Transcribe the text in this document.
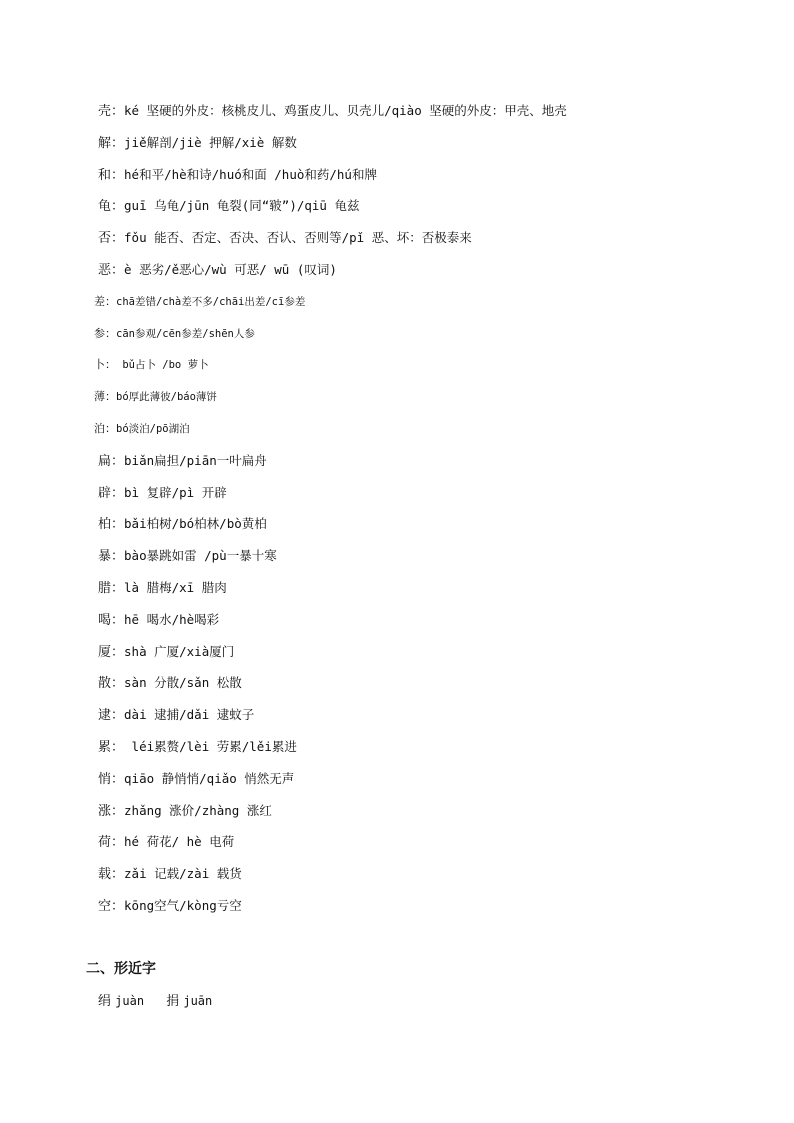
壳：ké 坚硬的外皮：核桃皮儿、鸡蛋皮儿、贝壳儿/qiào 坚硬的外皮：甲壳、地壳
解：jiě解剖/jiè 押解/xiè 解数
和：hé和平/hè和诗/huó和面 /huò和药/hú和牌
龟：guī 乌龟/jūn 龟裂(同“皲”)/qiū 龟兹
否：fǒu 能否、否定、否决、否认、否则等/pǐ 恶、坏：否极泰来
恶：è 恶劣/ě恶心/wù 可恶/ wū (叹词)
差：chā差错/chà差不多/chāi出差/cī参差
参：cān参观/cēn参差/shēn人参
卜： bǔ占卜 /bo 萝卜
薄：bó厚此薄彼/báo薄饼
泊：bó淡泊/pō湖泊
扁：biǎn扁担/piān一叶扁舟
辟：bì 复辟/pì 开辟
柏：bǎi柏树/bó柏林/bò黄柏
暴：bào暴跳如雷 /pù一暴十寒
腊：là 腊梅/xī 腊肉
喝：hē 喝水/hè喝彩
厦：shà 广厦/xià厦门
散：sàn 分散/sǎn 松散
逮：dài 逮捕/dǎi 逮蚊子
累： léi累赘/lèi 劳累/lěi累进
悄：qiāo 静悄悄/qiǎo 悄然无声
涨：zhǎng 涨价/zhàng 涨红
荷：hé 荷花/ hè 电荷
载：zǎi 记载/zài 载货
空：kōng空气/kòng亏空
二、形近字
绢 juàn 捐 juān
